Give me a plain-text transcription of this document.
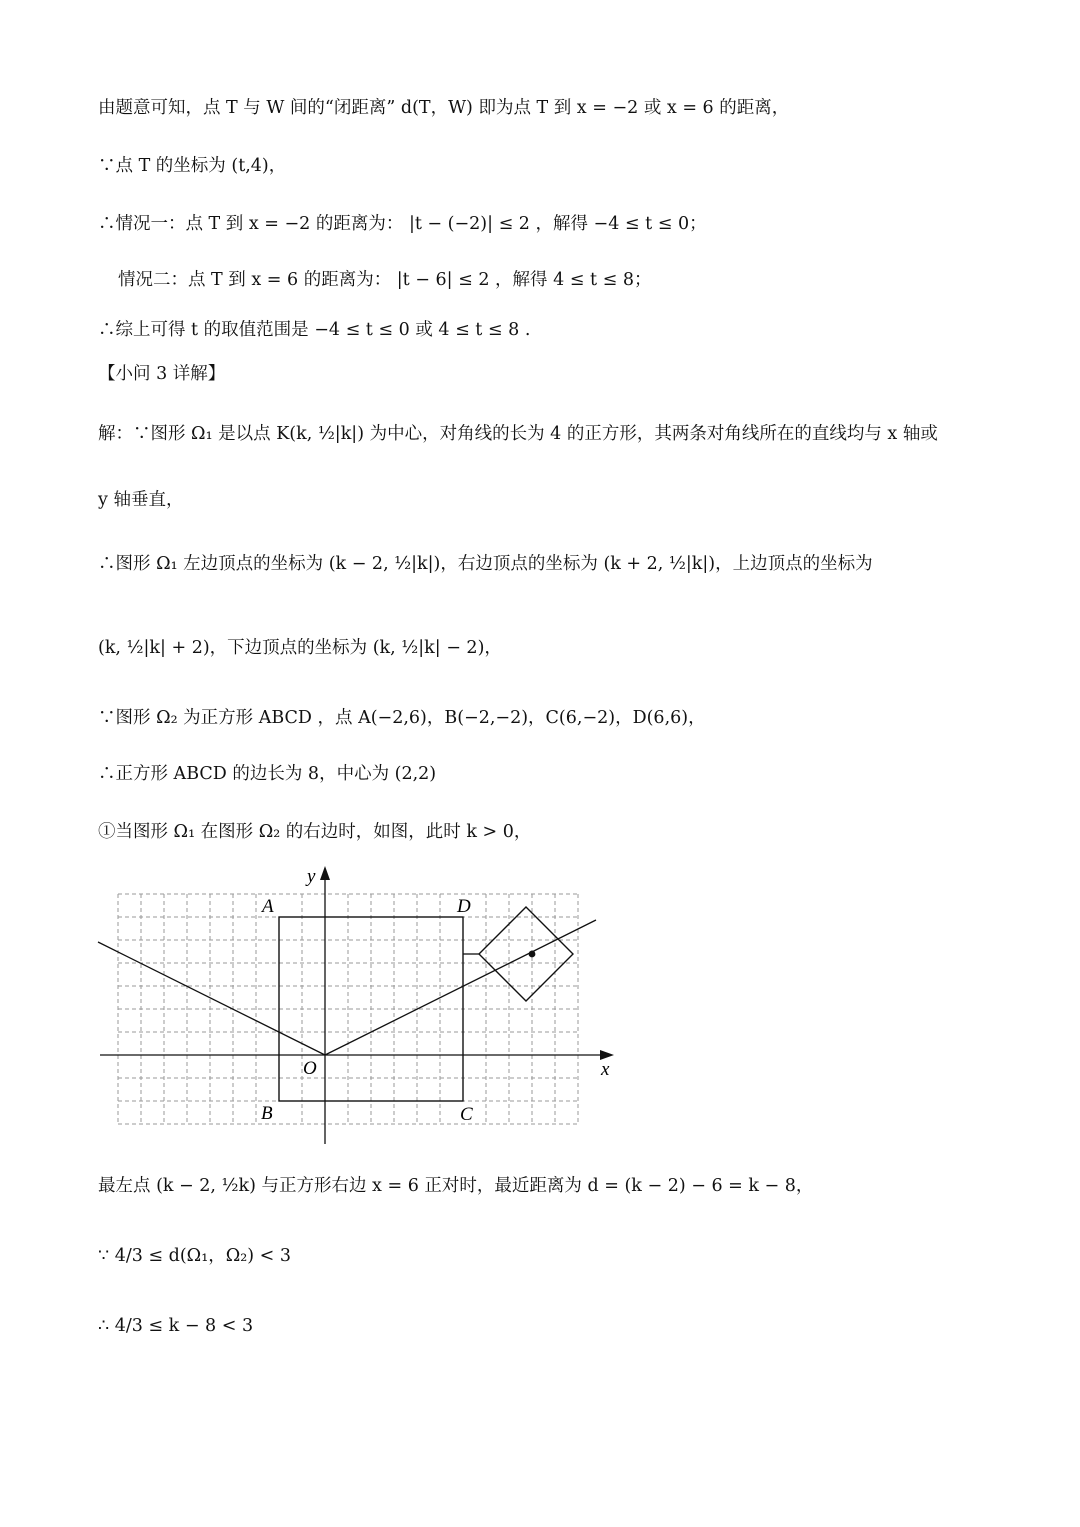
由题意可知，点 T 与 W 间的“闭距离” d(T，W) 即为点 T 到 x = −2 或 x = 6 的距离，
∵点 T 的坐标为 (t,4)，
∴情况一：点 T 到 x = −2 的距离为： |t − (−2)| ≤ 2 ，解得 −4 ≤ t ≤ 0；
情况二：点 T 到 x = 6 的距离为： |t − 6| ≤ 2 ，解得 4 ≤ t ≤ 8；
∴综上可得 t 的取值范围是 −4 ≤ t ≤ 0 或 4 ≤ t ≤ 8 .
【小问 3 详解】
解：∵图形 Ω₁ 是以点 K(k, ½|k|) 为中心，对角线的长为 4 的正方形，其两条对角线所在的直线均与 x 轴或
y 轴垂直，
∴图形 Ω₁ 左边顶点的坐标为 (k − 2, ½|k|)，右边顶点的坐标为 (k + 2, ½|k|)，上边顶点的坐标为
(k, ½|k| + 2)，下边顶点的坐标为 (k, ½|k| − 2)，
∵图形 Ω₂ 为正方形 ABCD ，点 A(−2,6)，B(−2,−2)，C(6,−2)，D(6,6)，
∴正方形 ABCD 的边长为 8，中心为 (2,2)
①当图形 Ω₁ 在图形 Ω₂ 的右边时，如图，此时 k > 0，
A	D
B	C
O	x
y
最左点 (k − 2, ½k) 与正方形右边 x = 6 正对时，最近距离为 d = (k − 2) − 6 = k − 8，
∵ 4/3 ≤ d(Ω₁，Ω₂) < 3
∴ 4/3 ≤ k − 8 < 3
